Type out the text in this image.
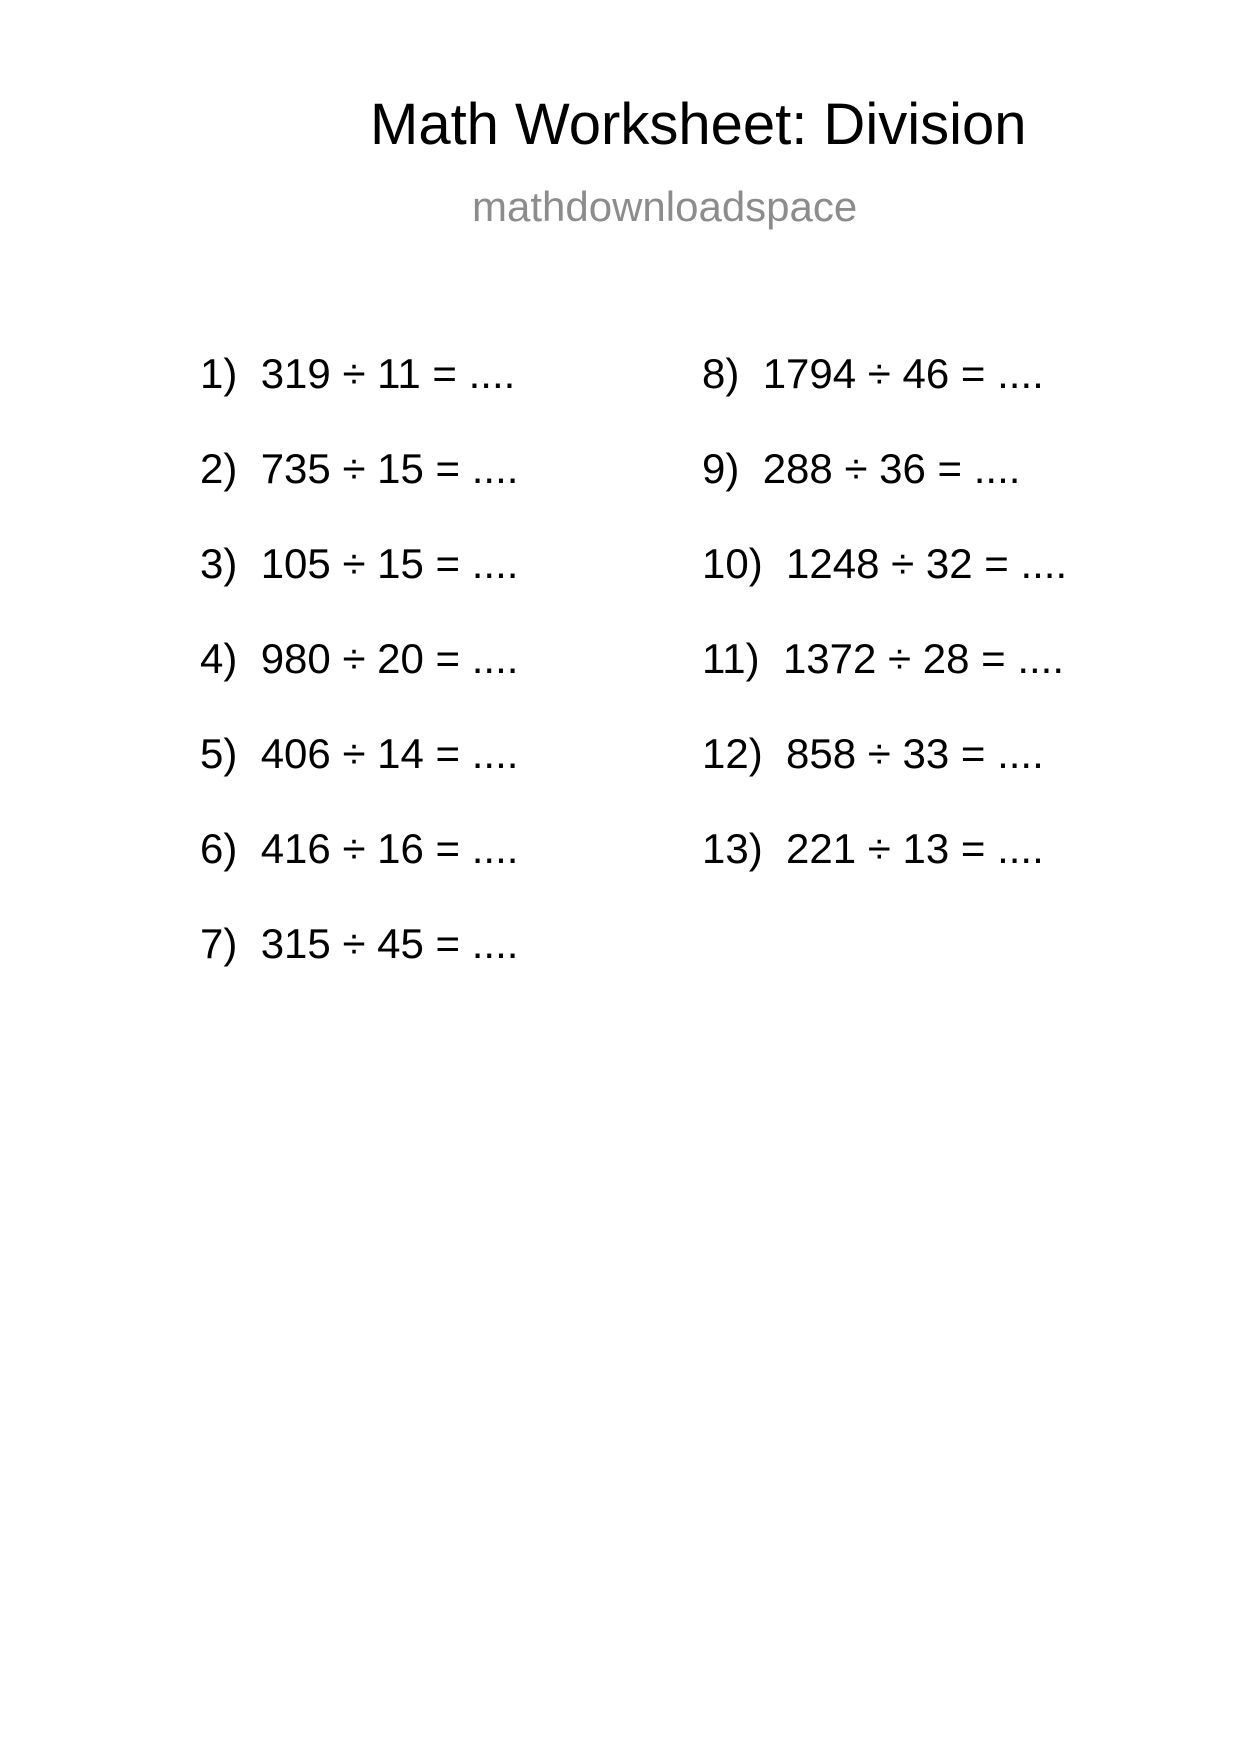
Math Worksheet: Division
mathdownloadspace
1) 319 ÷ 11 = ....
2) 735 ÷ 15 = ....
3) 105 ÷ 15 = ....
4) 980 ÷ 20 = ....
5) 406 ÷ 14 = ....
6) 416 ÷ 16 = ....
7) 315 ÷ 45 = ....
8) 1794 ÷ 46 = ....
9) 288 ÷ 36 = ....
10) 1248 ÷ 32 = ....
11) 1372 ÷ 28 = ....
12) 858 ÷ 33 = ....
13) 221 ÷ 13 = ....
